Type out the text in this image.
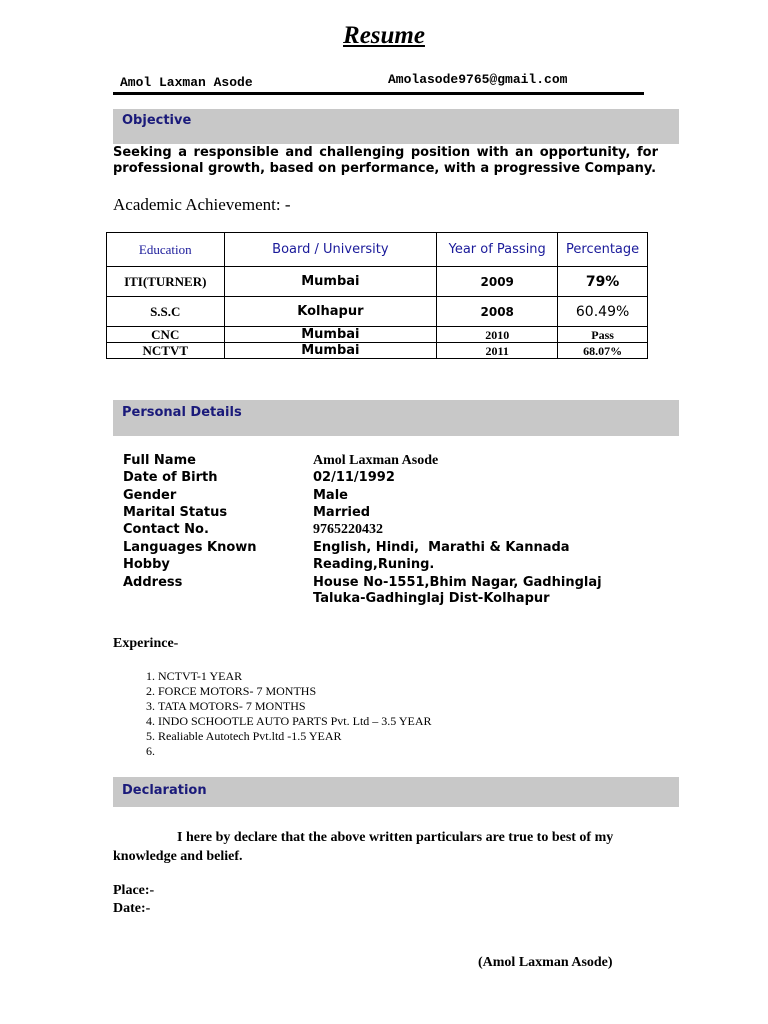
Resume
Amol Laxman Asode	Amolasode9765@gmail.com
Objective
Seeking a responsible and challenging position with an opportunity, for professional growth, based on performance, with a progressive Company.
Academic Achievement: -
Education	Board / University	Year of Passing	Percentage
ITI(TURNER)	Mumbai	2009	79%
S.S.C	Kolhapur	2008	60.49%
CNC	Mumbai	2010	Pass
NCTVT	Mumbai	2011	68.07%
Personal Details
Full Name	Amol Laxman Asode
Date of Birth	02/11/1992
Gender	Male
Marital Status	Married
Contact No.	9765220432
Languages Known	English, Hindi,  Marathi & Kannada
Hobby	Reading,Runing.
Address	House No-1551,Bhim Nagar, Gadhinglaj
Taluka-Gadhinglaj Dist-Kolhapur
Experince-
1. NCTVT-1 YEAR
2. FORCE MOTORS- 7 MONTHS
3. TATA MOTORS- 7 MONTHS
4. INDO SCHOOTLE AUTO PARTS Pvt. Ltd – 3.5 YEAR
5. Realiable Autotech Pvt.ltd -1.5 YEAR
6.
Declaration
I here by declare that the above written particulars are true to best of my
knowledge and belief.
Place:-
Date:-
(Amol Laxman Asode)
